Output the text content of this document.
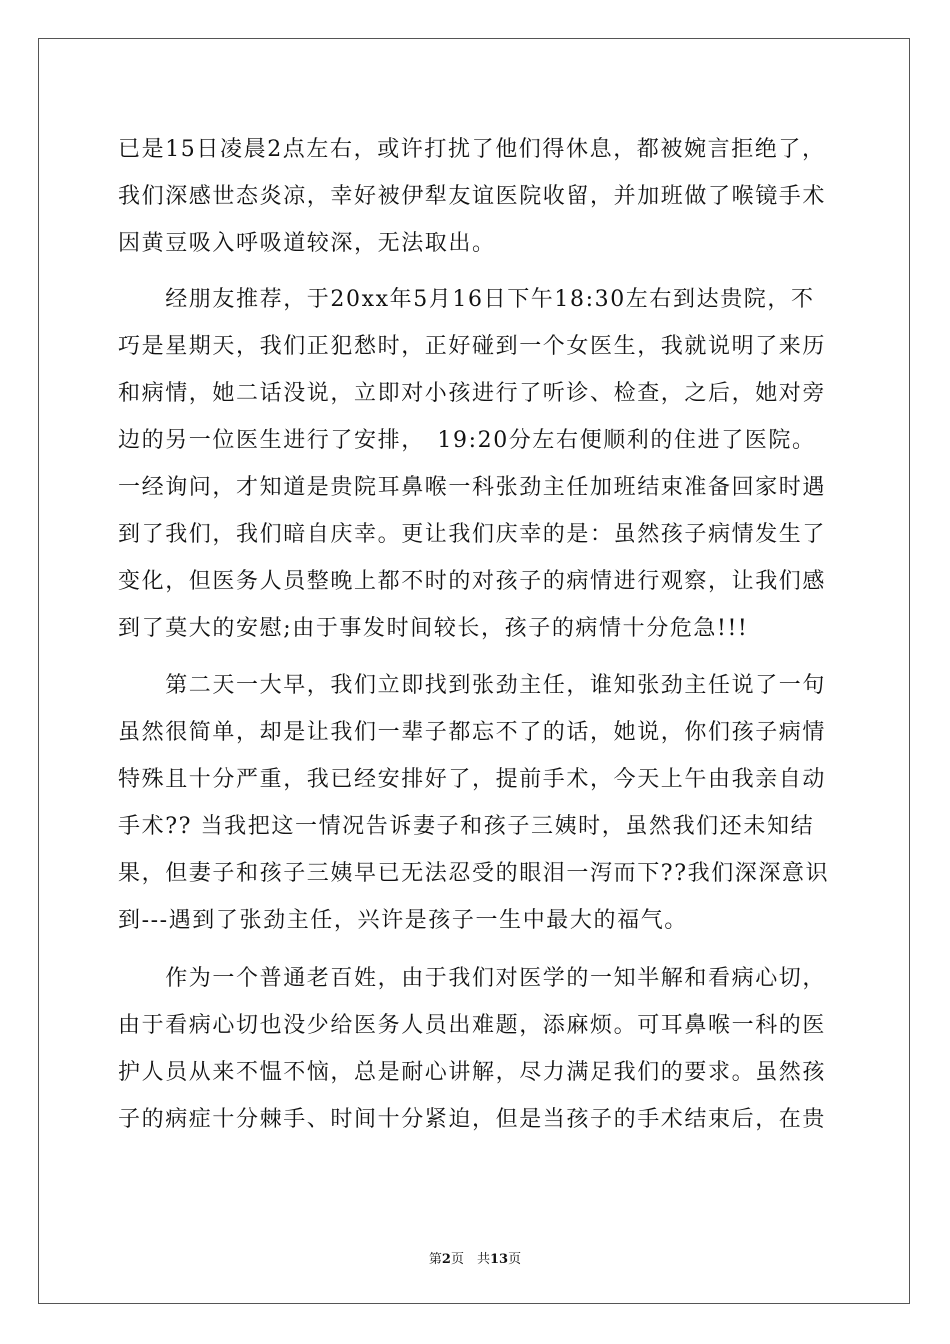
已是15日凌晨2点左右，或许打扰了他们得休息，都被婉言拒绝了，
我们深感世态炎凉，幸好被伊犁友谊医院收留，并加班做了喉镜手术
因黄豆吸入呼吸道较深，无法取出。
　　经朋友推荐，于20xx年5月16日下午18:30左右到达贵院，不
巧是星期天，我们正犯愁时，正好碰到一个女医生，我就说明了来历
和病情，她二话没说，立即对小孩进行了听诊、检查，之后，她对旁
边的另一位医生进行了安排，　19:20分左右便顺利的住进了医院。
一经询问，才知道是贵院耳鼻喉一科张劲主任加班结束准备回家时遇
到了我们，我们暗自庆幸。更让我们庆幸的是：虽然孩子病情发生了
变化，但医务人员整晚上都不时的对孩子的病情进行观察，让我们感
到了莫大的安慰;由于事发时间较长，孩子的病情十分危急!!!
　　第二天一大早，我们立即找到张劲主任，谁知张劲主任说了一句
虽然很简单，却是让我们一辈子都忘不了的话，她说，你们孩子病情
特殊且十分严重，我已经安排好了，提前手术，今天上午由我亲自动
手术?? 当我把这一情况告诉妻子和孩子三姨时，虽然我们还未知结
果，但妻子和孩子三姨早已无法忍受的眼泪一泻而下??我们深深意识
到---遇到了张劲主任，兴许是孩子一生中最大的福气。
　　作为一个普通老百姓，由于我们对医学的一知半解和看病心切，
由于看病心切也没少给医务人员出难题，添麻烦。可耳鼻喉一科的医
护人员从来不愠不恼，总是耐心讲解，尽力满足我们的要求。虽然孩
子的病症十分棘手、时间十分紧迫，但是当孩子的手术结束后，在贵
第2页　共13页
